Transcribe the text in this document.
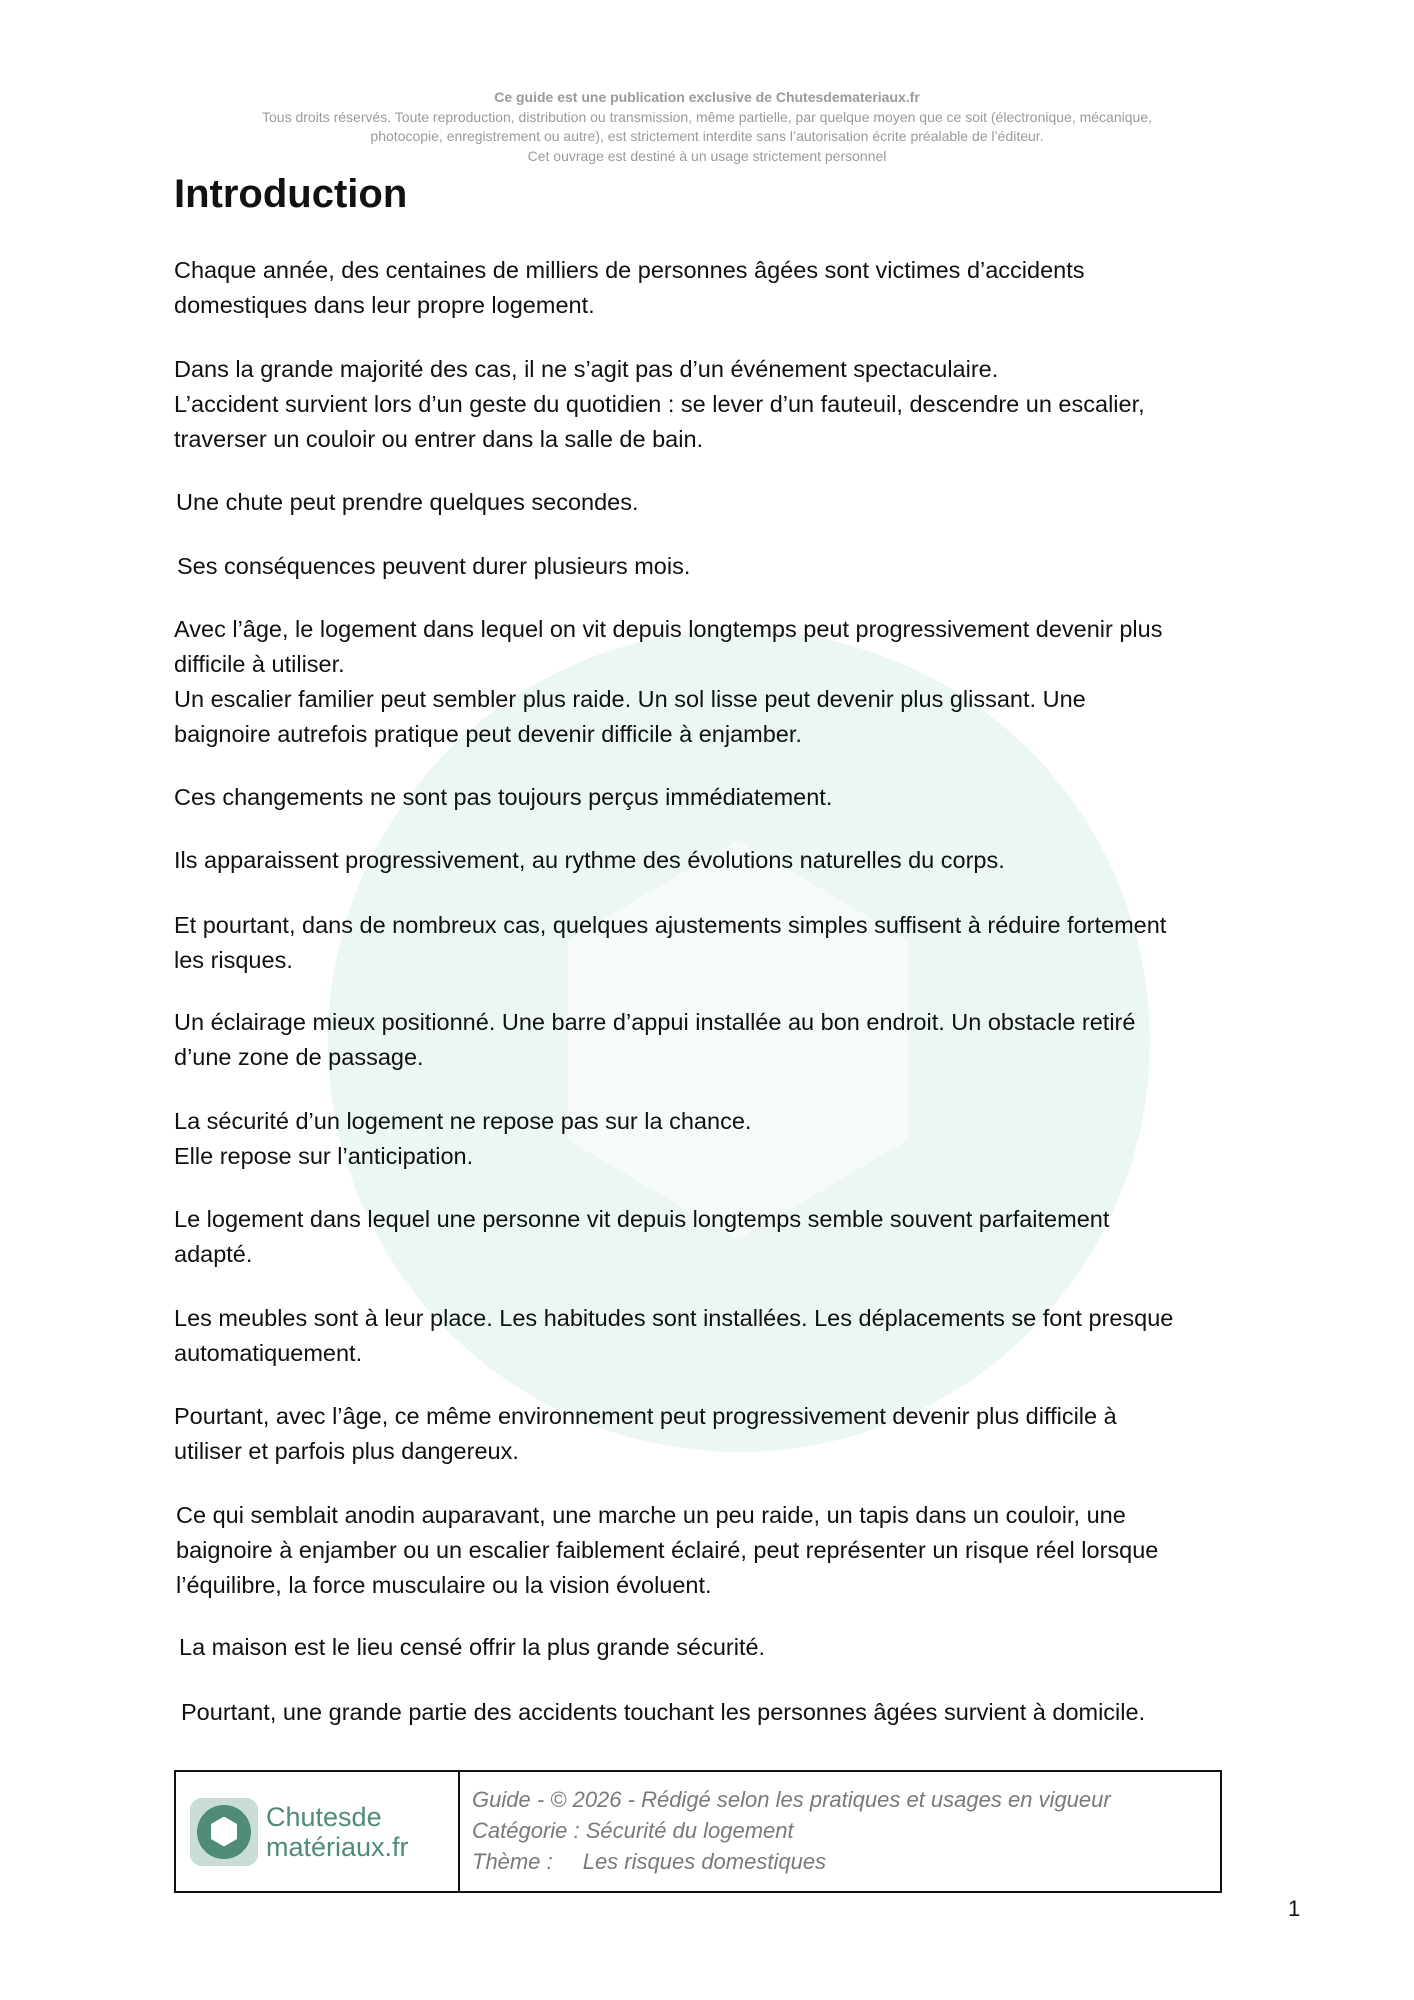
Ce guide est une publication exclusive de Chutesdemateriaux.fr
Tous droits réservés. Toute reproduction, distribution ou transmission, même partielle, par quelque moyen que ce soit (électronique, mécanique,
photocopie, enregistrement ou autre), est strictement interdite sans l’autorisation écrite préalable de l’éditeur.
Cet ouvrage est destiné à un usage strictement personnel
Introduction
Chaque année, des centaines de milliers de personnes âgées sont victimes d’accidents
domestiques dans leur propre logement.
Dans la grande majorité des cas, il ne s’agit pas d’un événement spectaculaire.
L’accident survient lors d’un geste du quotidien : se lever d’un fauteuil, descendre un escalier,
traverser un couloir ou entrer dans la salle de bain.
Une chute peut prendre quelques secondes.
Ses conséquences peuvent durer plusieurs mois.
Avec l’âge, le logement dans lequel on vit depuis longtemps peut progressivement devenir plus
difficile à utiliser.
Un escalier familier peut sembler plus raide. Un sol lisse peut devenir plus glissant. Une
baignoire autrefois pratique peut devenir difficile à enjamber.
Ces changements ne sont pas toujours perçus immédiatement.
Ils apparaissent progressivement, au rythme des évolutions naturelles du corps.
Et pourtant, dans de nombreux cas, quelques ajustements simples suffisent à réduire fortement
les risques.
Un éclairage mieux positionné. Une barre d’appui installée au bon endroit. Un obstacle retiré
d’une zone de passage.
La sécurité d’un logement ne repose pas sur la chance.
Elle repose sur l’anticipation.
Le logement dans lequel une personne vit depuis longtemps semble souvent parfaitement
adapté.
Les meubles sont à leur place. Les habitudes sont installées. Les déplacements se font presque
automatiquement.
Pourtant, avec l’âge, ce même environnement peut progressivement devenir plus difficile à
utiliser et parfois plus dangereux.
Ce qui semblait anodin auparavant, une marche un peu raide, un tapis dans un couloir, une
baignoire à enjamber ou un escalier faiblement éclairé, peut représenter un risque réel lorsque
l’équilibre, la force musculaire ou la vision évoluent.
La maison est le lieu censé offrir la plus grande sécurité.
Pourtant, une grande partie des accidents touchant les personnes âgées survient à domicile.
Chutesde
matériaux.fr
Guide - © 2026 - Rédigé selon les pratiques et usages en vigueur
Catégorie : Sécurité du logement
Thème : Les risques domestiques
1
